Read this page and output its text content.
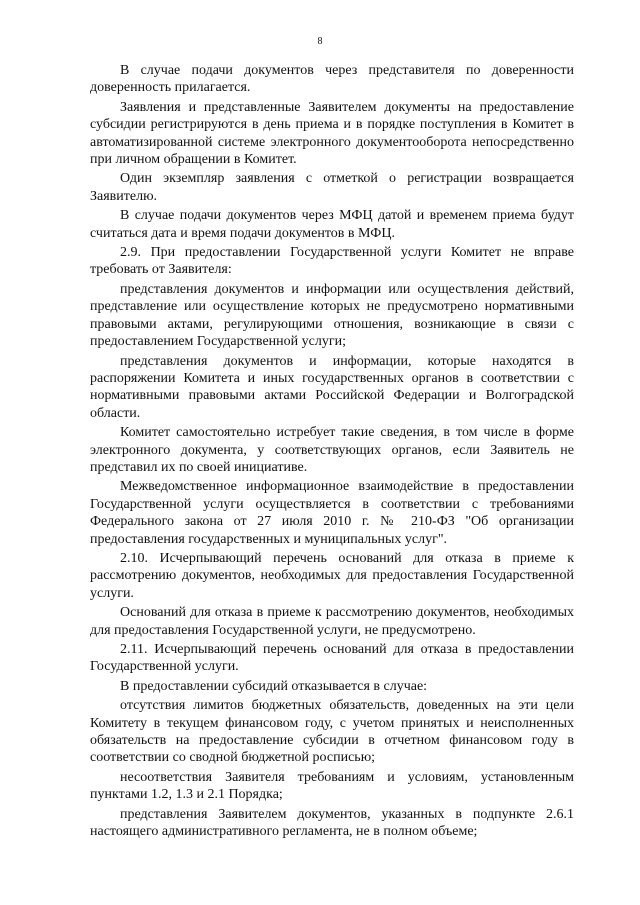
8

В случае подачи документов через представителя по доверенности доверенность прилагается.

Заявления и представленные Заявителем документы на предоставление субсидии регистрируются в день приема и в порядке поступления в Комитет в автоматизированной системе электронного документооборота непосредственно при личном обращении в Комитет.

Один экземпляр заявления с отметкой о регистрации возвращается Заявителю.

В случае подачи документов через МФЦ датой и временем приема будут считаться дата и время подачи документов в МФЦ.

2.9. При предоставлении Государственной услуги Комитет не вправе требовать от Заявителя:

представления документов и информации или осуществления действий, представление или осуществление которых не предусмотрено нормативными правовыми актами, регулирующими отношения, возникающие в связи с предоставлением Государственной услуги;

представления документов и информации, которые находятся в распоряжении Комитета и иных государственных органов в соответствии с нормативными правовыми актами Российской Федерации и Волгоградской области.

Комитет самостоятельно истребует такие сведения, в том числе в форме электронного документа, у соответствующих органов, если Заявитель не представил их по своей инициативе.

Межведомственное информационное взаимодействие в предоставлении Государственной услуги осуществляется в соответствии с требованиями Федерального закона от 27 июля 2010 г. № 210-ФЗ "Об организации предоставления государственных и муниципальных услуг".

2.10. Исчерпывающий перечень оснований для отказа в приеме к рассмотрению документов, необходимых для предоставления Государственной услуги.

Оснований для отказа в приеме к рассмотрению документов, необходимых для предоставления Государственной услуги, не предусмотрено.

2.11. Исчерпывающий перечень оснований для отказа в предоставлении Государственной услуги.

В предоставлении субсидий отказывается в случае:

отсутствия лимитов бюджетных обязательств, доведенных на эти цели Комитету в текущем финансовом году, с учетом принятых и неисполненных обязательств на предоставление субсидии в отчетном финансовом году в соответствии со сводной бюджетной росписью;

несоответствия Заявителя требованиям и условиям, установленным пунктами 1.2, 1.3 и 2.1 Порядка;

представления Заявителем документов, указанных в подпункте 2.6.1 настоящего административного регламента, не в полном объеме;
